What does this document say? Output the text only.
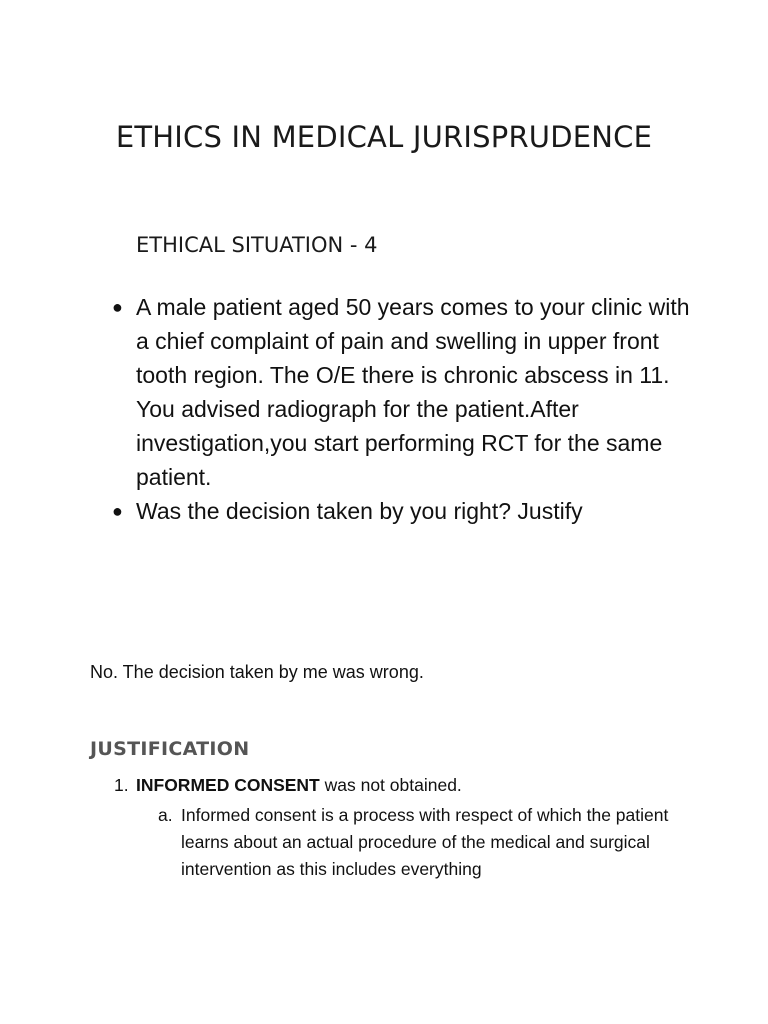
ETHICS IN MEDICAL JURISPRUDENCE
ETHICAL SITUATION - 4
● A male patient aged 50 years comes to your clinic with a chief complaint of pain and swelling in upper front tooth region. The O/E there is chronic abscess in 11. You advised radiograph for the patient.After investigation,you start performing RCT for the same patient.
● Was the decision taken by you right? Justify

No. The decision taken by me was wrong.

JUSTIFICATION

1. INFORMED CONSENT was not obtained.

a. Informed consent is a process with respect of which the patient learns about an actual procedure of the medical and surgical intervention as this includes everything
